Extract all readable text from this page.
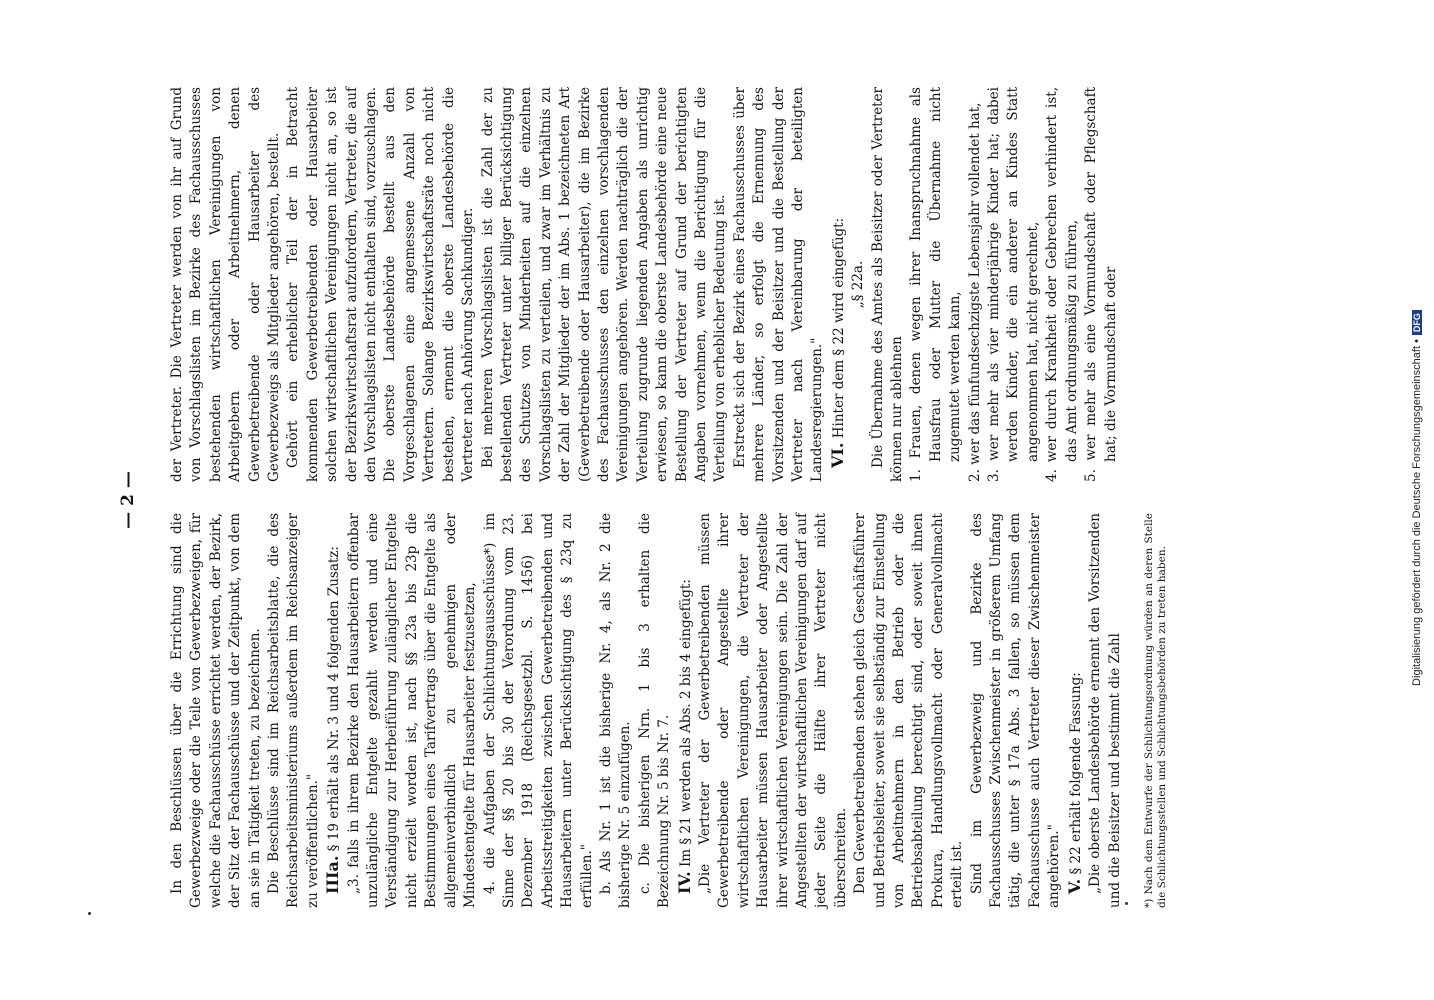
— 2 —

In den Beschlüssen über die Errichtung sind die Gewerbezweige oder die Teile von Gewerbezweigen, für welche die Fachausschüsse errichtet werden, der Bezirk, der Sitz der Fachausschüsse und der Zeitpunkt, von dem an sie in Tätigkeit treten, zu bezeichnen. Die Beschlüsse sind im Reichsarbeitsblatte, die des Reichsarbeitsministeriums außerdem im Reichsanzeiger zu veröffentlichen." IIIa. § 19 erhält als Nr. 3 und 4 folgenden Zusatz: „3. falls in ihrem Bezirke den Hausarbeitern offenbar unzulängliche Entgelte gezahlt werden und eine Verständigung zur Herbeiführung zulänglicher Entgelte nicht erzielt worden ist, nach §§ 23a bis 23p die Bestimmungen eines Tarifvertrags über die Entgelte als allgemeinverbindlich zu genehmigen oder Mindestentgelte für Hausarbeiter festzusetzen, 4. die Aufgaben der Schlichtungsausschüsse*) im Sinne der §§ 20 bis 30 der Verordnung vom 23. Dezember 1918 (Reichsgesetzbl. S. 1456) bei Arbeitsstreitigkeiten zwischen Gewerbetreibenden und Hausarbeitern unter Berücksichtigung des § 23q zu erfüllen." b. Als Nr. 1 ist die bisherige Nr. 4, als Nr. 2 die bisherige Nr. 5 einzufügen. c. Die bisherigen Nrn. 1 bis 3 erhalten die Bezeichnung Nr. 5 bis Nr. 7. IV. Im § 21 werden als Abs. 2 bis 4 eingefügt: „Die Vertreter der Gewerbetreibenden müssen Gewerbetreibende oder Angestellte ihrer wirtschaftlichen Vereinigungen, die Vertreter der Hausarbeiter müssen Hausarbeiter oder Angestellte ihrer wirtschaftlichen Vereinigungen sein. Die Zahl der Angestellten der wirtschaftlichen Vereinigungen darf auf jeder Seite die Hälfte ihrer Vertreter nicht überschreiten. Den Gewerbetreibenden stehen gleich Geschäftsführer und Betriebsleiter, soweit sie selbständig zur Einstellung von Arbeitnehmern in den Betrieb oder die Betriebsabteilung berechtigt sind, oder soweit ihnen Prokura, Handlungsvollmacht oder Generalvollmacht erteilt ist. Sind im Gewerbezweig und Bezirke des Fachausschusses Zwischenmeister in größerem Umfang tätig, die unter § 17a Abs. 3 fallen, so müssen dem Fachausschusse auch Vertreter dieser Zwischenmeister angehören." V. § 22 erhält folgende Fassung: „Die oberste Landesbehörde ernennt den Vorsitzenden und die Beisitzer und bestimmt die Zahl *) Nach dem Entwurfe der Schlichtungsordnung würden an deren Stelle die Schlichtungsstellen und Schlichtungsbehörden zu treten haben.

der Vertreter. Die Vertreter werden von ihr auf Grund von Vorschlagslisten im Bezirke des Fachausschusses bestehenden wirtschaftlichen Vereinigungen von Arbeitgebern oder Arbeitnehmern, denen Gewerbetreibende oder Hausarbeiter des Gewerbezweigs als Mitglieder angehören, bestellt. Gehört ein erheblicher Teil der in Betracht kommenden Gewerbetreibenden oder Hausarbeiter solchen wirtschaftlichen Vereinigungen nicht an, so ist der Bezirkswirtschaftsrat aufzufordern, Vertreter, die auf den Vorschlagslisten nicht enthalten sind, vorzuschlagen. Die oberste Landesbehörde bestellt aus den Vorgeschlagenen eine angemessene Anzahl von Vertretern. Solange Bezirkswirtschaftsräte noch nicht bestehen, ernennt die oberste Landesbehörde die Vertreter nach Anhörung Sachkundiger. Bei mehreren Vorschlagslisten ist die Zahl der zu bestellenden Vertreter unter billiger Berücksichtigung des Schutzes von Minderheiten auf die einzelnen Vorschlagslisten zu verteilen, und zwar im Verhältnis zu der Zahl der Mitglieder der im Abs. 1 bezeichneten Art (Gewerbetreibende oder Hausarbeiter), die im Bezirke des Fachausschusses den einzelnen vorschlagenden Vereinigungen angehören. Werden nachträglich die der Verteilung zugrunde liegenden Angaben als unrichtig erwiesen, so kann die oberste Landesbehörde eine neue Bestellung der Vertreter auf Grund der berichtigten Angaben vornehmen, wenn die Berichtigung für die Verteilung von erheblicher Bedeutung ist. Erstreckt sich der Bezirk eines Fachausschusses über mehrere Länder, so erfolgt die Ernennung des Vorsitzenden und der Beisitzer und die Bestellung der Vertreter nach Vereinbarung der beteiligten Landesregierungen." VI. Hinter dem § 22 wird eingefügt: „§ 22a. Die Übernahme des Amtes als Beisitzer oder Vertreter können nur ablehnen 1. Frauen, denen wegen ihrer Inanspruchnahme als Hausfrau oder Mutter die Übernahme nicht zugemutet werden kann, 2. wer das fünfundsechzigste Lebensjahr vollendet hat, 3. wer mehr als vier minderjährige Kinder hat; dabei werden Kinder, die ein anderer an Kindes Statt angenommen hat, nicht gerechnet, 4. wer durch Krankheit oder Gebrechen verhindert ist, das Amt ordnungsmäßig zu führen, 5. wer mehr als eine Vormundschaft oder Pflegschaft hat; die Vormundschaft oder	Digitalisierung gefördert durch die Deutsche Forschungsgemeinschaft •DFG
